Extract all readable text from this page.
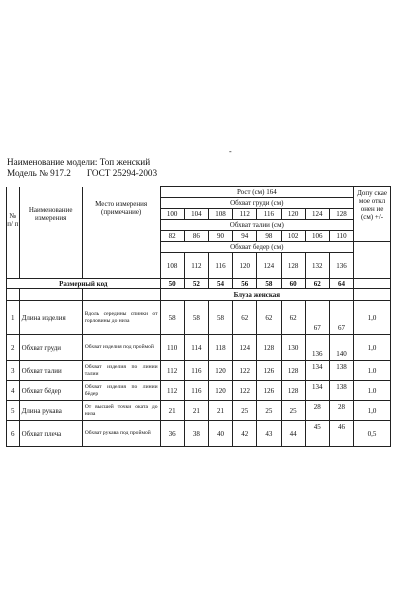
-
Наименование модели: Топ женский
Модель № 917.2 ГОСТ 25294-2003
			Рост (см) 164								Допу скае мое откл онен ие (см) +/-
№ п/ п	Наименование измерения	Место измерения (примечание)	Обхват груди (см)								
			100	104	108	112	116	120	124	128	
			Обхват талии (см)								
			82	86	90	94	98	102	106	110	
			Обхват бедер (см)								
			108	112	116	120	124	128	132	136	
Размерный код			50	52	54	56	58	60	62	64	
			Блуза женская								
1	Длина изделия	Вдоль середины спинки от горловины до низа	58	58	58	62	62	62	67	67	1,0
2	Обхват груди	Обхват изделия под проймой	110	114	118	124	128	130	136	140	1,0
3	Обхват талии	Обхват изделия по линии талии	112	116	120	122	126	128	134	138	1.0
4	Обхват бёдер	Обхват изделия по линии бёдер	112	116	120	122	126	128	134	138	1.0
5	Длина рукава	От высшей точки оката до низа	21	21	21	25	25	25	28	28	1,0
6	Обхват плеча	Обхват рукава под проймой	36	38	40	42	43	44	45	46	0,5
